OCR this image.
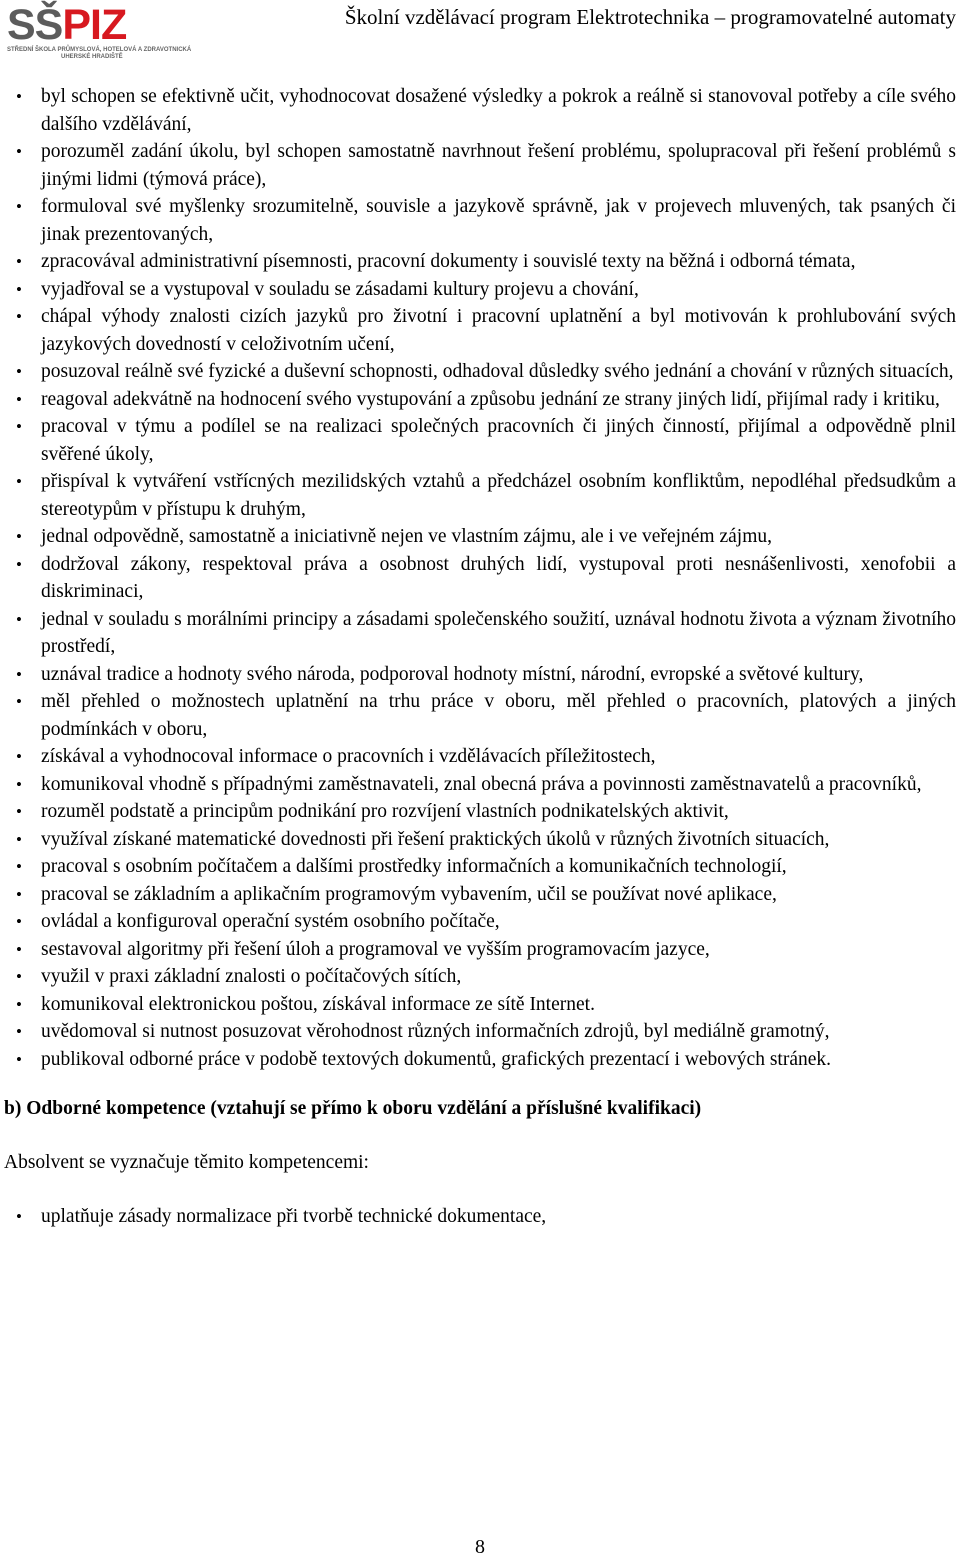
SŠPIZ
STŘEDNÍ ŠKOLA PRŮMYSLOVÁ, HOTELOVÁ A ZDRAVOTNICKÁ
UHERSKÉ HRADIŠTĚ
Školní vzdělávací program Elektrotechnika – programovatelné automaty
• byl schopen se efektivně učit, vyhodnocovat dosažené výsledky a pokrok a reálně si stanovoval potřeby a cíle svého dalšího vzdělávání,
• porozuměl zadání úkolu, byl schopen samostatně navrhnout řešení problému, spolupracoval při řešení problémů s jinými lidmi (týmová práce),
• formuloval své myšlenky srozumitelně, souvisle a jazykově správně, jak v projevech mluvených, tak psaných či jinak prezentovaných,
• zpracovával administrativní písemnosti, pracovní dokumenty i souvislé texty na běžná i odborná témata,
• vyjadřoval se a vystupoval v souladu se zásadami kultury projevu a chování,
• chápal výhody znalosti cizích jazyků pro životní i pracovní uplatnění a byl motivován k prohlubování svých jazykových dovedností v celoživotním učení,
• posuzoval reálně své fyzické a duševní schopnosti, odhadoval důsledky svého jednání a chování v různých situacích,
• reagoval adekvátně na hodnocení svého vystupování a způsobu jednání ze strany jiných lidí, přijímal rady i kritiku,
• pracoval v týmu a podílel se na realizaci společných pracovních či jiných činností, přijímal a odpovědně plnil svěřené úkoly,
• přispíval k vytváření vstřícných mezilidských vztahů a předcházel osobním konfliktům, nepodléhal předsudkům a stereotypům v přístupu k druhým,
• jednal odpovědně, samostatně a iniciativně nejen ve vlastním zájmu, ale i ve veřejném zájmu,
• dodržoval zákony, respektoval práva a osobnost druhých lidí, vystupoval proti nesnášenlivosti, xenofobii a diskriminaci,
• jednal v souladu s morálními principy a zásadami společenského soužití, uznával hodnotu života a význam životního prostředí,
• uznával tradice a hodnoty svého národa, podporoval hodnoty místní, národní, evropské a světové kultury,
• měl přehled o možnostech uplatnění na trhu práce v oboru, měl přehled o pracovních, platových a jiných podmínkách v oboru,
• získával a vyhodnocoval informace o pracovních i vzdělávacích příležitostech,
• komunikoval vhodně s případnými zaměstnavateli, znal obecná práva a povinnosti zaměstnavatelů a pracovníků,
• rozuměl podstatě a principům podnikání pro rozvíjení vlastních podnikatelských aktivit,
• využíval získané matematické dovednosti při řešení praktických úkolů v různých životních situacích,
• pracoval s osobním počítačem a dalšími prostředky informačních a komunikačních technologií,
• pracoval se základním a aplikačním programovým vybavením, učil se používat nové aplikace,
• ovládal a konfiguroval operační systém osobního počítače,
• sestavoval algoritmy při řešení úloh a programoval ve vyšším programovacím jazyce,
• využil v praxi základní znalosti o počítačových sítích,
• komunikoval elektronickou poštou, získával informace ze sítě Internet.
• uvědomoval si nutnost posuzovat věrohodnost různých informačních zdrojů, byl mediálně gramotný,
• publikoval odborné práce v podobě textových dokumentů, grafických prezentací i webových stránek.
b) Odborné kompetence (vztahují se přímo k oboru vzdělání a příslušné kvalifikaci)
Absolvent se vyznačuje těmito kompetencemi:
• uplatňuje zásady normalizace při tvorbě technické dokumentace,
8
